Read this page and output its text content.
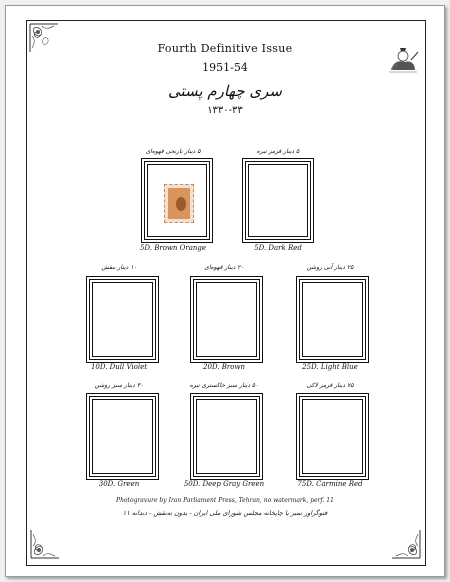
Fourth Definitive Issue
1951-54
سری چهارم پستی
۱۳۳۰-۳۳
۵ دینار نارنجی قهوه‌ای
5D. Brown Orange
۵ دینار قرمز تیره
5D. Dark Red
۱۰ دینار بنفش
10D. Dull Violet
۲۰ دینار قهوه‌ای
20D. Brown
۲۵ دینار آبی روشن
25D. Light Blue
۳۰ دینار سبز روشن
30D. Green
۵۰ دینار سبز خاکستری تیره
50D. Deep Gray Green
۷۵ دینار قرمز لاکی
75D. Carmine Red
Photogravure by Iran Parliament Press, Tehran, no watermark, perf. 11
فتوگراور تمبر با چاپخانه مجلس شورای ملی ایران - بدون ته‌نقش - دندانه ۱۱
